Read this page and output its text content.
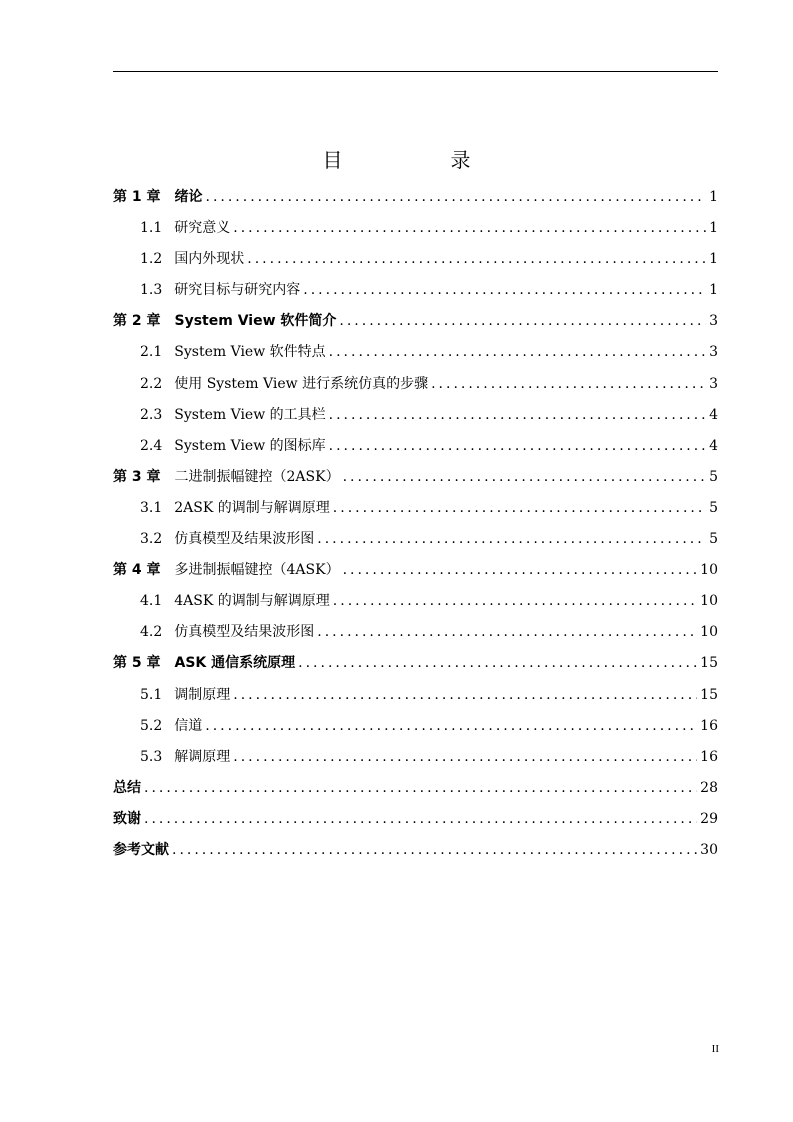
目　录
第 1 章 绪论 .....	1
1.1 研究意义 .....	1
1.2 国内外现状 .....	1
1.3 研究目标与研究内容 .....	1
第 2 章 System View 软件简介 .....	3
2.1 System View 软件特点 .....	3
2.2 使用 System View 进行系统仿真的步骤 .....	3
2.3 System View 的工具栏 .....	4
2.4 System View 的图标库 .....	4
第 3 章 二进制振幅键控（2ASK） .....	5
3.1 2ASK 的调制与解调原理 .....	5
3.2 仿真模型及结果波形图 .....	5
第 4 章 多进制振幅键控（4ASK） .....	10
4.1 4ASK 的调制与解调原理 .....	10
4.2 仿真模型及结果波形图 .....	10
第 5 章 ASK 通信系统原理 .....	15
5.1 调制原理 .....	15
5.2 信道 .....	16
5.3 解调原理 .....	16
总结 .....	28
致谢 .....	29
参考文献 .....	30
II
